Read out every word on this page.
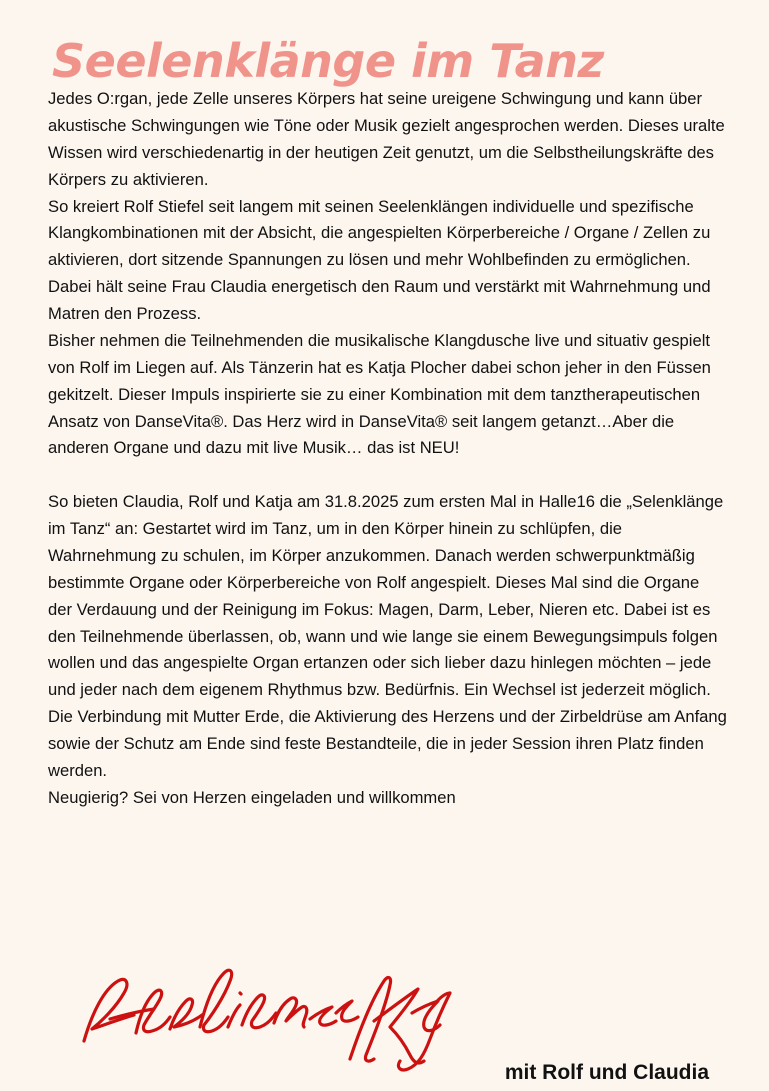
Seelenklänge im Tanz

Jedes O:rgan, jede Zelle unseres Körpers hat seine ureigene Schwingung und kann über akustische Schwingungen wie Töne oder Musik gezielt angesprochen werden. Dieses uralte Wissen wird verschiedenartig in der heutigen Zeit genutzt, um die Selbstheilungskräfte des Körpers zu aktivieren.

So kreiert Rolf Stiefel seit langem mit seinen Seelenklängen individuelle und spezifische Klangkombinationen mit der Absicht, die angespielten Körperbereiche / Organe / Zellen zu aktivieren, dort sitzende Spannungen zu lösen und mehr Wohlbefinden zu ermöglichen. Dabei hält seine Frau Claudia energetisch den Raum und verstärkt mit Wahrnehmung und Matren den Prozess.

Bisher nehmen die Teilnehmenden die musikalische Klangdusche live und situativ gespielt von Rolf im Liegen auf. Als Tänzerin hat es Katja Plocher dabei schon jeher in den Füssen gekitzelt. Dieser Impuls inspirierte sie zu einer Kombination mit dem tanztherapeutischen Ansatz von DanseVita®. Das Herz wird in DanseVita® seit langem getanzt…Aber die anderen Organe und dazu mit live Musik… das ist NEU!

So bieten Claudia, Rolf und Katja am 31.8.2025 zum ersten Mal in Halle16 die „Selenklänge im Tanz“ an: Gestartet wird im Tanz, um in den Körper hinein zu schlüpfen, die Wahrnehmung zu schulen, im Körper anzukommen. Danach werden schwerpunktmäßig bestimmte Organe oder Körperbereiche von Rolf angespielt. Dieses Mal sind die Organe der Verdauung und der Reinigung im Fokus: Magen, Darm, Leber, Nieren etc. Dabei ist es den Teilnehmende überlassen, ob, wann und wie lange sie einem Bewegungsimpuls folgen wollen und das angespielte Organ ertanzen oder sich lieber dazu hinlegen möchten – jede und jeder nach dem eigenem Rhythmus bzw. Bedürfnis. Ein Wechsel ist jederzeit möglich. Die Verbindung mit Mutter Erde, die Aktivierung des Herzens und der Zirbeldrüse am Anfang sowie der Schutz am Ende sind feste Bestandteile, die in jeder Session ihren Platz finden werden.

Neugierig? Sei von Herzen eingeladen und willkommen

mit Rolf und Claudia
